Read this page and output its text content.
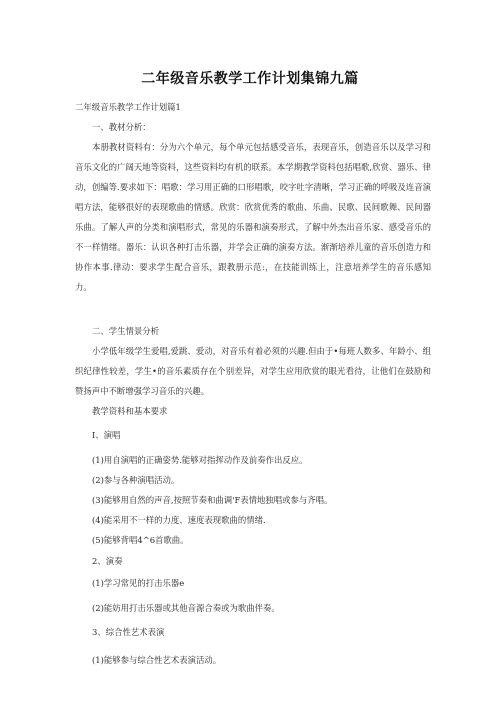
二年级音乐教学工作计划集锦九篇
二年级音乐教学工作计划篇1
一、教材分析：
本册教材资料有：分为六个单元，每个单元包括感受音乐，表现音乐，创造音乐以及学习和音乐文化的广阔天地等资料，这些资料均有机的联系。本学期教学资料包括唱歌,欣赏、器乐、律动，创编等.要求如下：唱歌：学习用正确的口形唱歌，咬字吐字清晰，学习正确的呼吸及连音演唱方法，能够很好的表现歌曲的情感。欣赏：欣赏优秀的歌曲、乐曲、民歌、民间歌舞、民间器乐曲。了解人声的分类和演唱形式，常见的乐器和演奏形式，了解中外杰出音乐家、感受音乐的不一样情绪。器乐：认识各种打击乐器，并学会正确的演奏方法。渐渐培养儿童的音乐创造力和协作本事.律动：要求学生配合音乐，跟教册示范:，在技能训练上，注意培养学生的音乐感知力。
二、学生情景分析
小学低年级学生爱唱,爱跳、爱动，对音乐有着必须的兴趣.但由于•每班人数多、年龄小、组织纪律性较差，学生•的音乐素质存在个别差异，对学生应用欣赏的眼光看待，让他们在鼓励和赞扬声中不断增强学习音乐的兴趣。
教学资料和基本要求
I、演唱
(1)用自演唱的正确姿势.能够对指挥动作及前奏作出反应。
(2)参与各种演唱活动。
(3)能够用自然的声音,按照节奏和曲调'F表情地独唱或参与齐唱。
(4)能采用不一样的力度、速度表现歌曲的情绪.
(5)能够背唱4^6首歌曲。
2、演奏
(1)学习常见的打击乐器e
(2)能妨用打击乐器或其他音源合奏或为歌曲伴奏。
3、综合性艺术表演
(1)能够参与综合性艺术表演活动。
